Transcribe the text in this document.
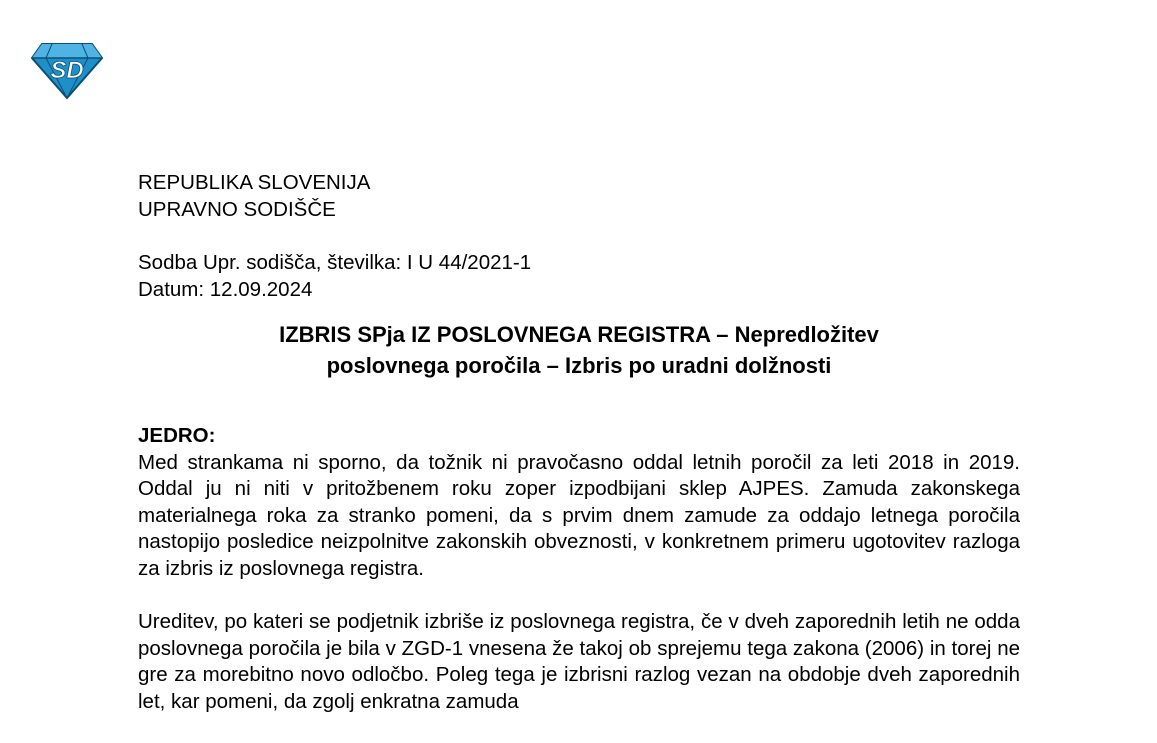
SD
REPUBLIKA SLOVENIJA
UPRAVNO SODIŠČE
Sodba Upr. sodišča, številka: I U 44/2021-1
Datum: 12.09.2024
IZBRIS SPja IZ POSLOVNEGA REGISTRA – Nepredložitev
poslovnega poročila – Izbris po uradni dolžnosti
JEDRO:

Med strankama ni sporno, da tožnik ni pravočasno oddal letnih poročil za leti 2018 in 2019. Oddal ju ni niti v pritožbenem roku zoper izpodbijani sklep AJPES. Zamuda zakonskega materialnega roka za stranko pomeni, da s prvim dnem zamude za oddajo letnega poročila nastopijo posledice neizpolnitve zakonskih obveznosti, v konkretnem primeru ugotovitev razloga za izbris iz poslovnega registra.

Ureditev, po kateri se podjetnik izbriše iz poslovnega registra, če v dveh zaporednih letih ne odda poslovnega poročila je bila v ZGD-1 vnesena že takoj ob sprejemu tega zakona (2006) in torej ne gre za morebitno novo odločbo. Poleg tega je izbrisni razlog vezan na obdobje dveh zaporednih let, kar pomeni, da zgolj enkratna zamuda
